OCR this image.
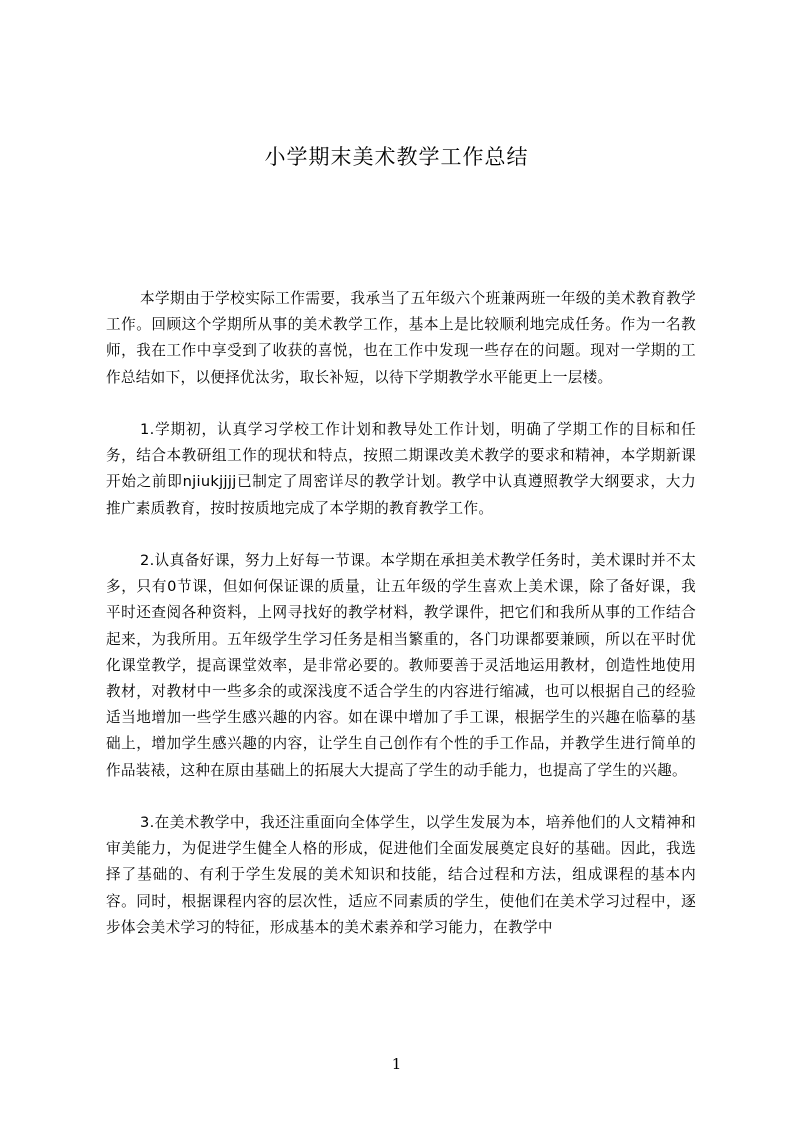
小学期末美术教学工作总结

本学期由于学校实际工作需要，我承当了五年级六个班兼两班一年级的美术教育教学工作。回顾这个学期所从事的美术教学工作，基本上是比较顺利地完成任务。作为一名教师，我在工作中享受到了收获的喜悦，也在工作中发现一些存在的问题。现对一学期的工作总结如下，以便择优汰劣，取长补短，以待下学期教学水平能更上一层楼。

1.学期初，认真学习学校工作计划和教导处工作计划，明确了学期工作的目标和任务，结合本教研组工作的现状和特点，按照二期课改美术教学的要求和精神，本学期新课开始之前即njiukjjjj已制定了周密详尽的教学计划。教学中认真遵照教学大纲要求，大力推广素质教育，按时按质地完成了本学期的教育教学工作。

2.认真备好课，努力上好每一节课。本学期在承担美术教学任务时，美术课时并不太多，只有0节课，但如何保证课的质量，让五年级的学生喜欢上美术课，除了备好课，我平时还查阅各种资料，上网寻找好的教学材料，教学课件，把它们和我所从事的工作结合起来，为我所用。五年级学生学习任务是相当繁重的，各门功课都要兼顾，所以在平时优化课堂教学，提高课堂效率，是非常必要的。教师要善于灵活地运用教材，创造性地使用教材，对教材中一些多余的或深浅度不适合学生的内容进行缩减，也可以根据自己的经验适当地增加一些学生感兴趣的内容。如在课中增加了手工课，根据学生的兴趣在临摹的基础上，增加学生感兴趣的内容，让学生自己创作有个性的手工作品，并教学生进行简单的作品装裱，这种在原由基础上的拓展大大提高了学生的动手能力，也提高了学生的兴趣。

3.在美术教学中，我还注重面向全体学生，以学生发展为本，培养他们的人文精神和审美能力，为促进学生健全人格的形成，促进他们全面发展奠定良好的基础。因此，我选择了基础的、有利于学生发展的美术知识和技能，结合过程和方法，组成课程的基本内容。同时，根据课程内容的层次性，适应不同素质的学生，使他们在美术学习过程中，逐步体会美术学习的特征，形成基本的美术素养和学习能力，在教学中

1
